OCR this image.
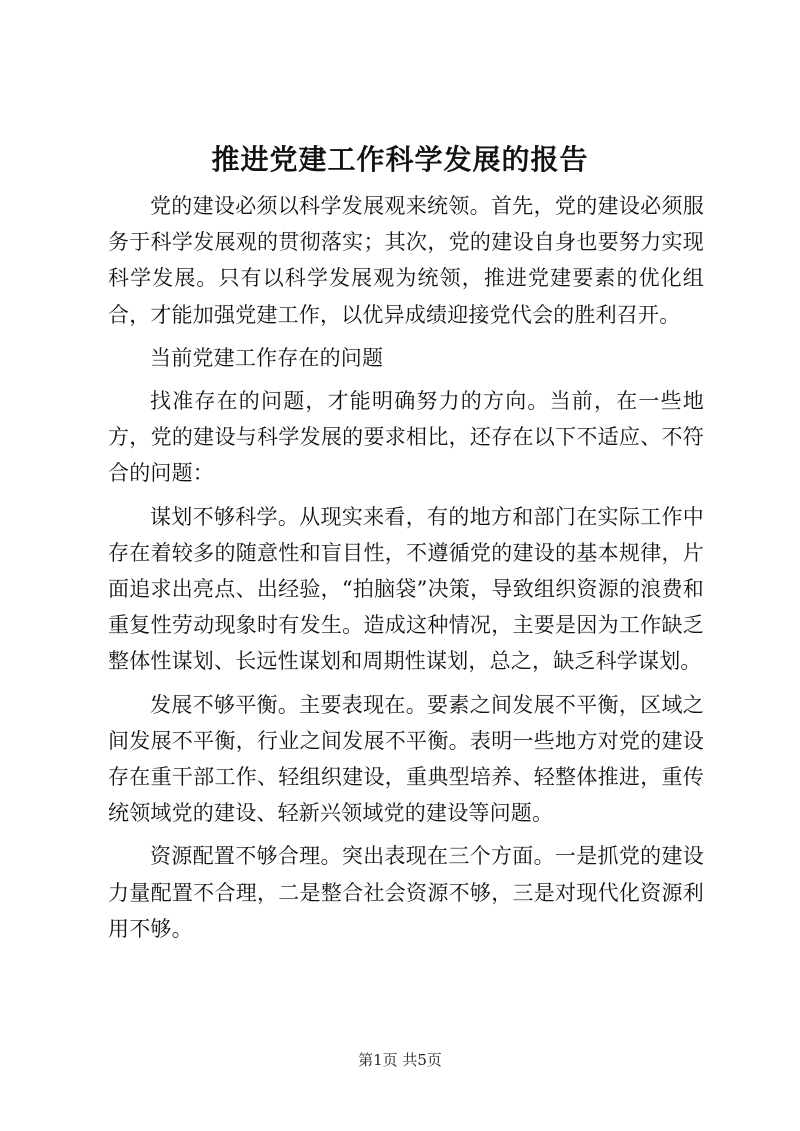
推进党建工作科学发展的报告

党的建设必须以科学发展观来统领。首先，党的建设必须服务于科学发展观的贯彻落实；其次，党的建设自身也要努力实现科学发展。只有以科学发展观为统领，推进党建要素的优化组合，才能加强党建工作，以优异成绩迎接党代会的胜利召开。

当前党建工作存在的问题

找准存在的问题，才能明确努力的方向。当前，在一些地方，党的建设与科学发展的要求相比，还存在以下不适应、不符合的问题：

谋划不够科学。从现实来看，有的地方和部门在实际工作中存在着较多的随意性和盲目性，不遵循党的建设的基本规律，片面追求出亮点、出经验，“拍脑袋”决策，导致组织资源的浪费和重复性劳动现象时有发生。造成这种情况，主要是因为工作缺乏整体性谋划、长远性谋划和周期性谋划，总之，缺乏科学谋划。

发展不够平衡。主要表现在。要素之间发展不平衡，区域之间发展不平衡，行业之间发展不平衡。表明一些地方对党的建设存在重干部工作、轻组织建设，重典型培养、轻整体推进，重传统领域党的建设、轻新兴领域党的建设等问题。

资源配置不够合理。突出表现在三个方面。一是抓党的建设力量配置不合理，二是整合社会资源不够，三是对现代化资源利用不够。

第1页 共5页
